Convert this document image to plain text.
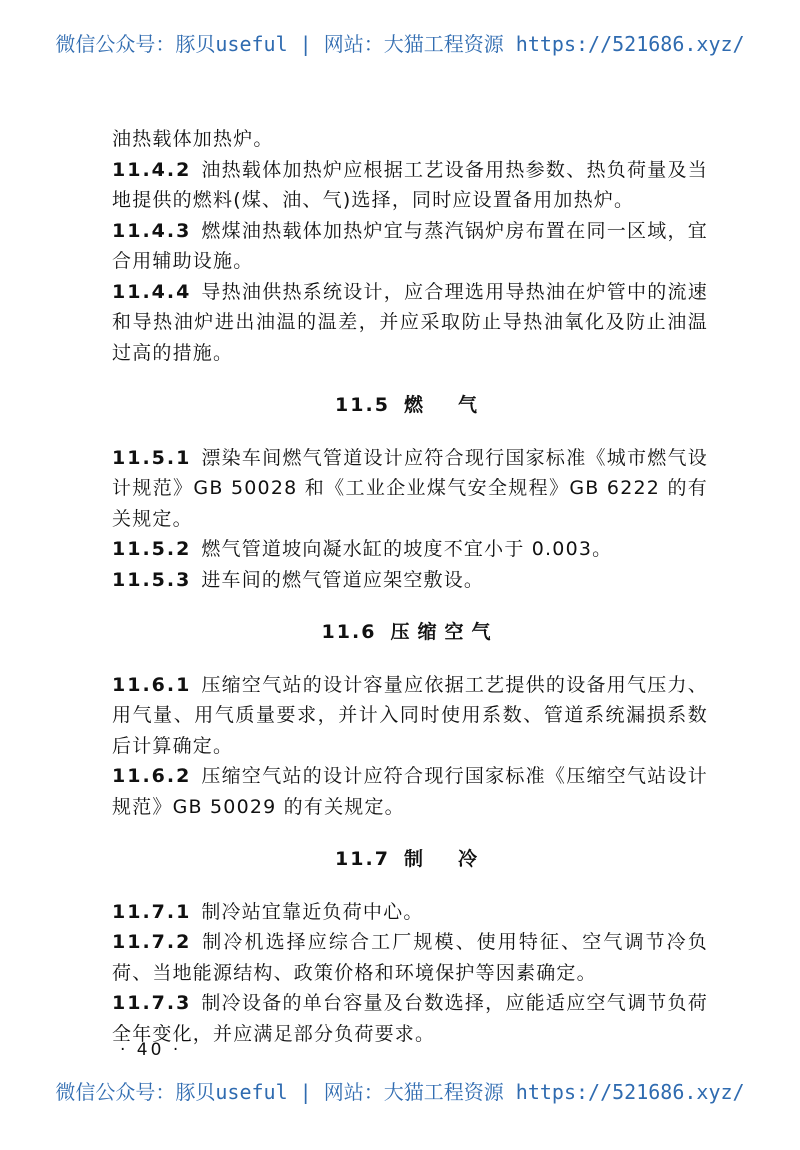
微信公众号：豚贝useful | 网站：大猫工程资源 https://521686.xyz/

油热载体加热炉。

11.4.2 油热载体加热炉应根据工艺设备用热参数、热负荷量及当地提供的燃料(煤、油、气)选择，同时应设置备用加热炉。

11.4.3 燃煤油热载体加热炉宜与蒸汽锅炉房布置在同一区域，宜合用辅助设施。

11.4.4 导热油供热系统设计，应合理选用导热油在炉管中的流速和导热油炉进出油温的温差，并应采取防止导热油氧化及防止油温过高的措施。

11.5 燃　气

11.5.1 漂染车间燃气管道设计应符合现行国家标准《城市燃气设计规范》GB 50028 和《工业企业煤气安全规程》GB 6222 的有关规定。

11.5.2 燃气管道坡向凝水缸的坡度不宜小于 0.003。

11.5.3 进车间的燃气管道应架空敷设。

11.6 压缩空气

11.6.1 压缩空气站的设计容量应依据工艺提供的设备用气压力、用气量、用气质量要求，并计入同时使用系数、管道系统漏损系数后计算确定。

11.6.2 压缩空气站的设计应符合现行国家标准《压缩空气站设计规范》GB 50029 的有关规定。

11.7 制　冷

11.7.1 制冷站宜靠近负荷中心。

11.7.2 制冷机选择应综合工厂规模、使用特征、空气调节冷负荷、当地能源结构、政策价格和环境保护等因素确定。

11.7.3 制冷设备的单台容量及台数选择，应能适应空气调节负荷全年变化，并应满足部分负荷要求。

· 40 ·
微信公众号：豚贝useful | 网站：大猫工程资源 https://521686.xyz/
